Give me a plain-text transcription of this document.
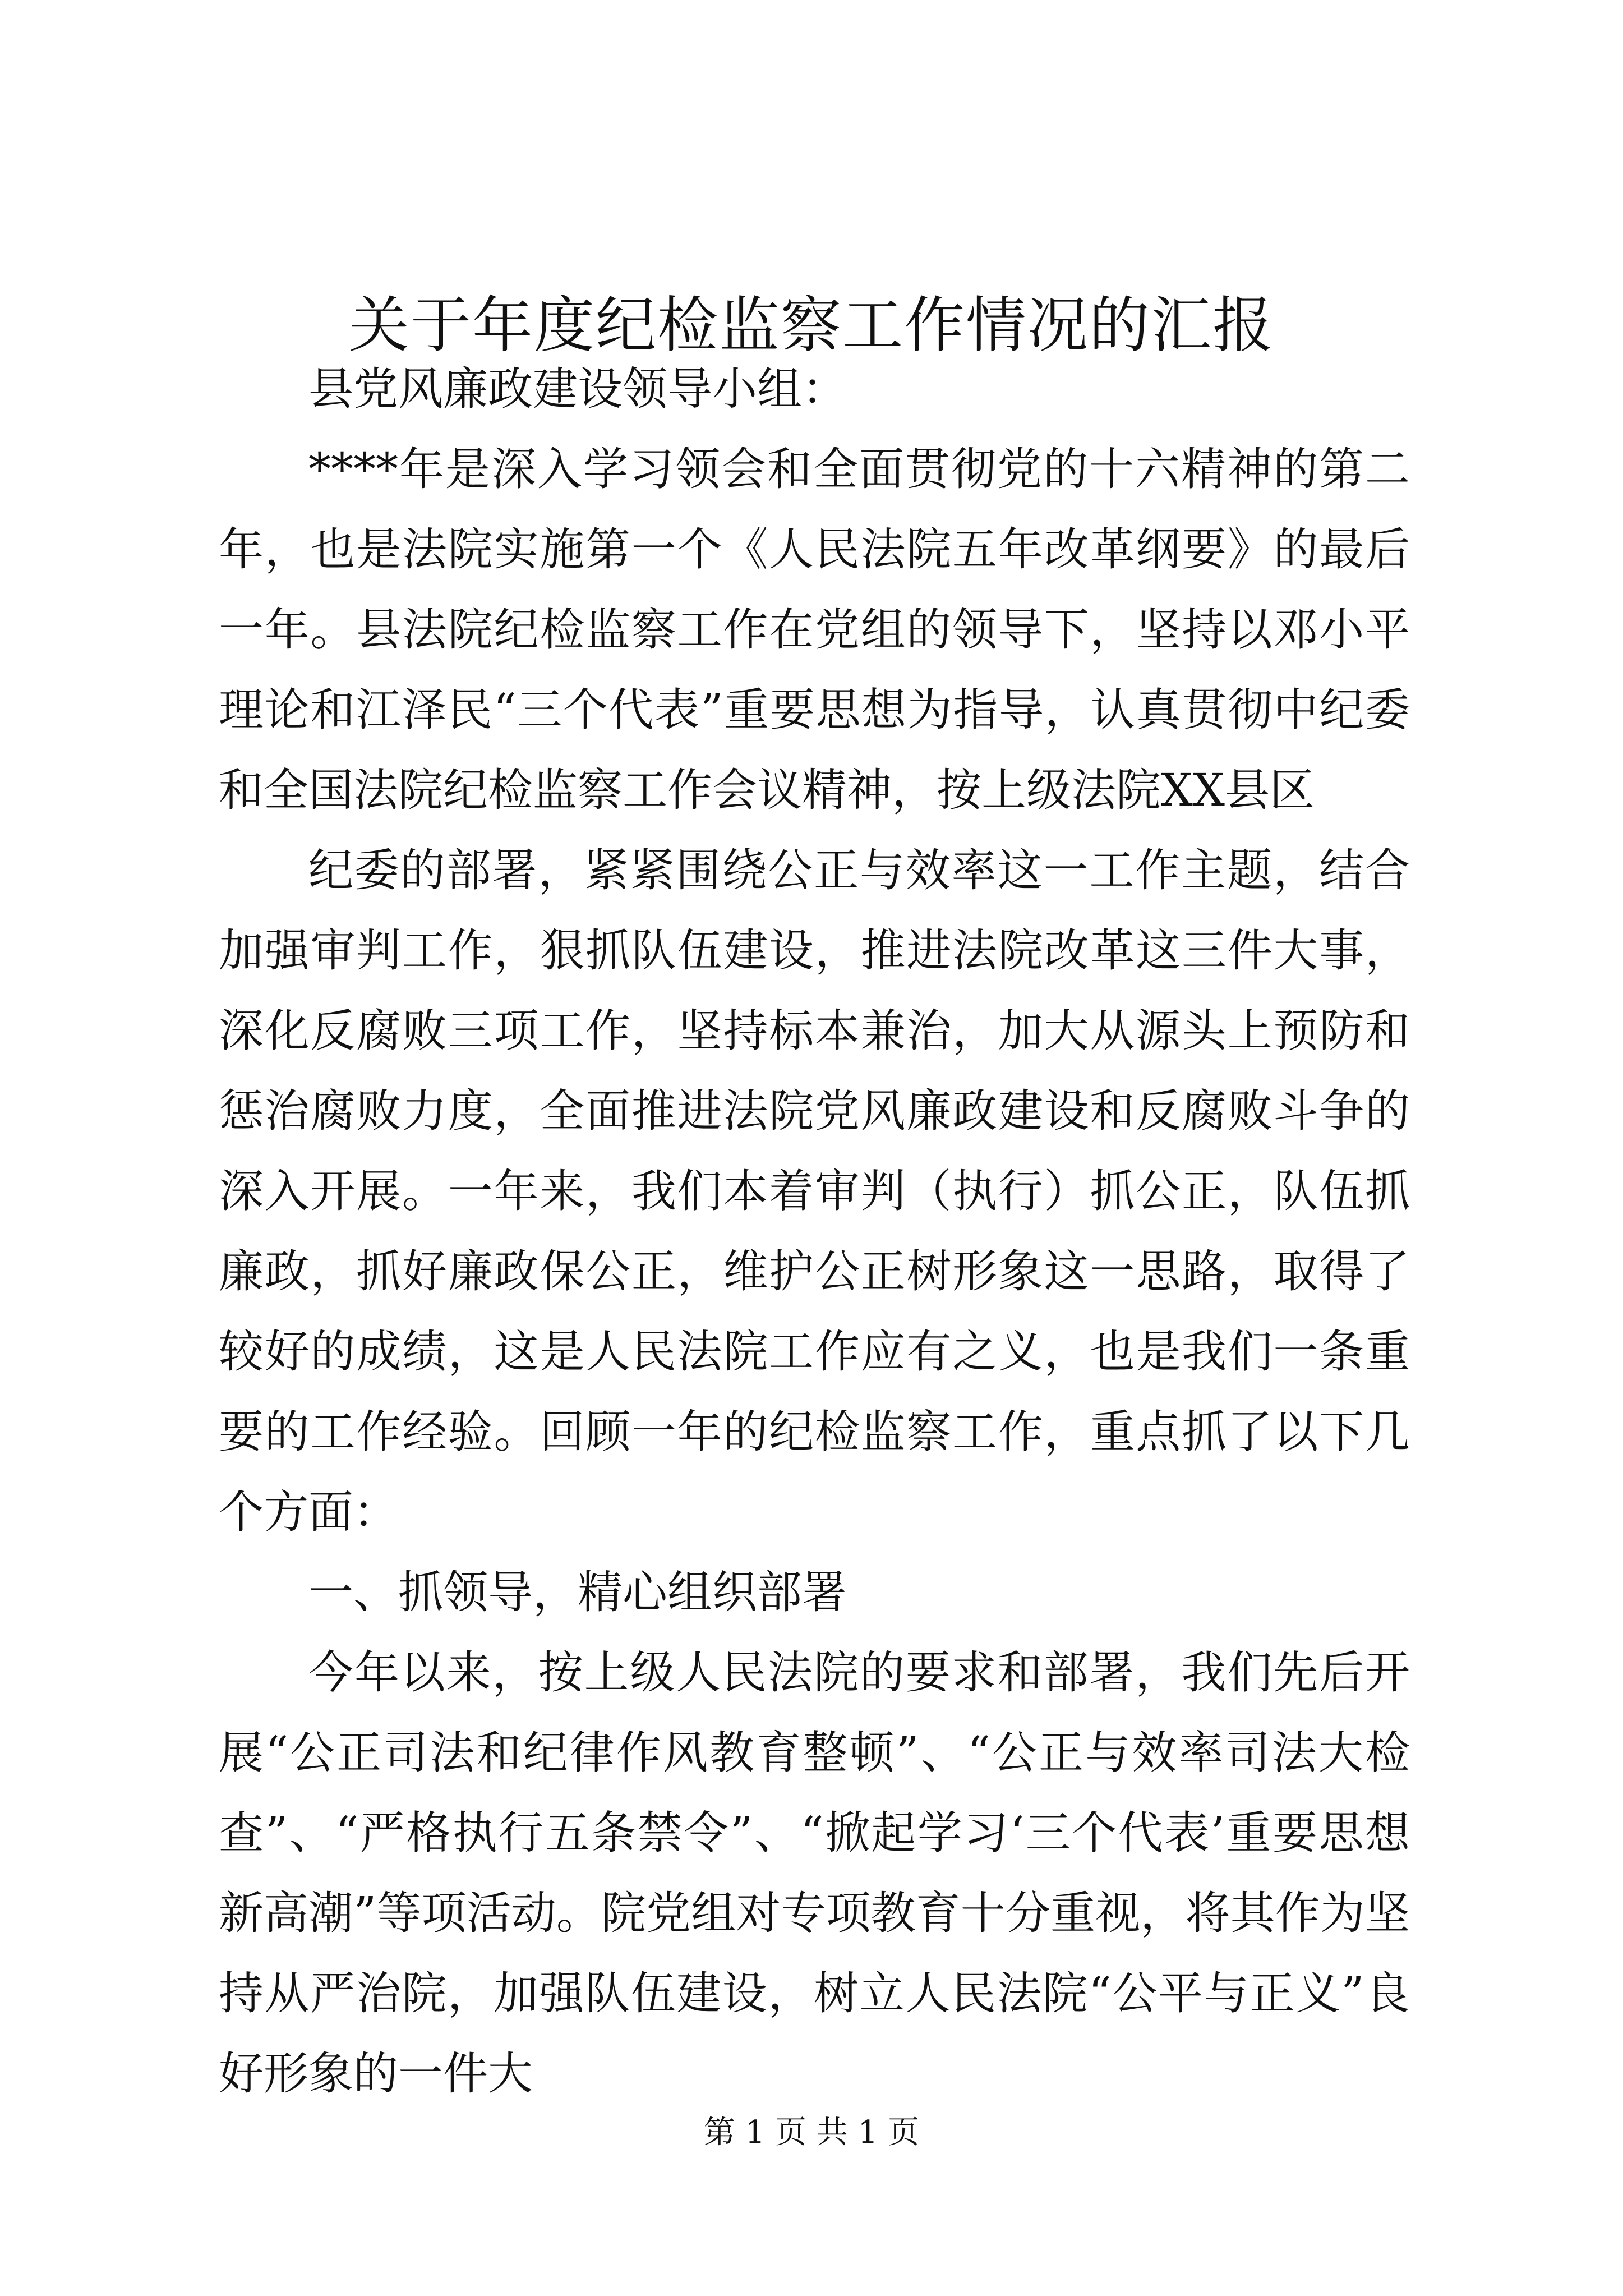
关于年度纪检监察工作情况的汇报

县党风廉政建设领导小组：

****年是深入学习领会和全面贯彻党的十六精神的第二年，也是法院实施第一个《人民法院五年改革纲要》的最后一年。县法院纪检监察工作在党组的领导下，坚持以邓小平理论和江泽民“三个代表”重要思想为指导，认真贯彻中纪委和全国法院纪检监察工作会议精神，按上级法院XX县区

纪委的部署，紧紧围绕公正与效率这一工作主题，结合加强审判工作，狠抓队伍建设，推进法院改革这三件大事，深化反腐败三项工作，坚持标本兼治，加大从源头上预防和惩治腐败力度，全面推进法院党风廉政建设和反腐败斗争的深入开展。一年来，我们本着审判（执行）抓公正，队伍抓廉政，抓好廉政保公正，维护公正树形象这一思路，取得了较好的成绩，这是人民法院工作应有之义，也是我们一条重要的工作经验。回顾一年的纪检监察工作，重点抓了以下几个方面：

一、抓领导，精心组织部署

今年以来，按上级人民法院的要求和部署，我们先后开展“公正司法和纪律作风教育整顿”、“公正与效率司法大检查”、“严格执行五条禁令”、“掀起学习‘三个代表’重要思想新高潮”等项活动。院党组对专项教育十分重视，将其作为坚持从严治院，加强队伍建设，树立人民法院“公平与正义”良好形象的一件大

第 1 页 共 1 页
